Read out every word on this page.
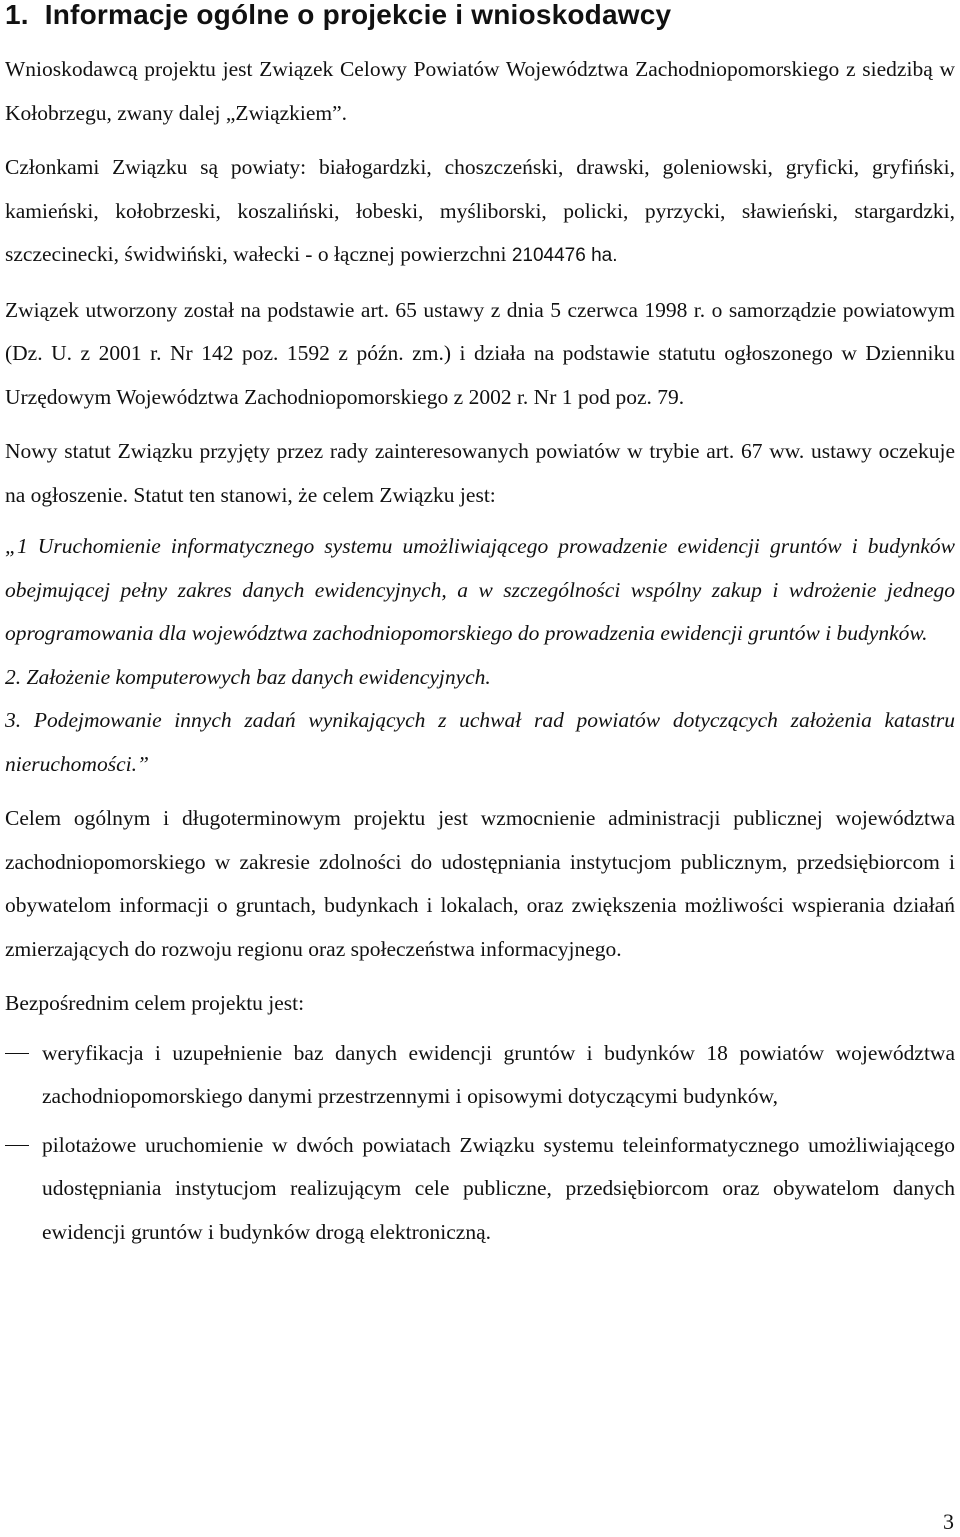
1. Informacje ogólne o projekcie i wnioskodawcy

Wnioskodawcą projektu jest Związek Celowy Powiatów Województwa Zachodniopomorskiego z siedzibą w Kołobrzegu, zwany dalej „Związkiem”.

Członkami Związku są powiaty: białogardzki, choszczeński, drawski, goleniowski, gryficki, gryfiński, kamieński, kołobrzeski, koszaliński, łobeski, myśliborski, policki, pyrzycki, sławieński, stargardzki, szczecinecki, świdwiński, wałecki - o łącznej powierzchni 2104476 ha.

Związek utworzony został na podstawie art. 65 ustawy z dnia 5 czerwca 1998 r. o samorządzie powiatowym (Dz. U. z 2001 r. Nr 142 poz. 1592 z późn. zm.) i działa na podstawie statutu ogłoszonego w Dzienniku Urzędowym Województwa Zachodniopomorskiego z 2002 r. Nr 1 pod poz. 79.

Nowy statut Związku przyjęty przez rady zainteresowanych powiatów w trybie art. 67 ww. ustawy oczekuje na ogłoszenie. Statut ten stanowi, że celem Związku jest:

„1 Uruchomienie informatycznego systemu umożliwiającego prowadzenie ewidencji gruntów i budynków obejmującej pełny zakres danych ewidencyjnych, a w szczególności wspólny zakup i wdrożenie jednego oprogramowania dla województwa zachodniopomorskiego do prowadzenia ewidencji gruntów i budynków.

2. Założenie komputerowych baz danych ewidencyjnych.

3. Podejmowanie innych zadań wynikających z uchwał rad powiatów dotyczących założenia katastru nieruchomości.”

Celem ogólnym i długoterminowym projektu jest wzmocnienie administracji publicznej województwa zachodniopomorskiego w zakresie zdolności do udostępniania instytucjom publicznym, przedsiębiorcom i obywatelom informacji o gruntach, budynkach i lokalach, oraz zwiększenia możliwości wspierania działań zmierzających do rozwoju regionu oraz społeczeństwa informacyjnego.

Bezpośrednim celem projektu jest:

weryfikacja i uzupełnienie baz danych ewidencji gruntów i budynków 18 powiatów województwa zachodniopomorskiego danymi przestrzennymi i opisowymi dotyczącymi budynków,
pilotażowe uruchomienie w dwóch powiatach Związku systemu teleinformatycznego umożliwiającego udostępniania instytucjom realizującym cele publiczne, przedsiębiorcom oraz obywatelom danych ewidencji gruntów i budynków drogą elektroniczną.
3
